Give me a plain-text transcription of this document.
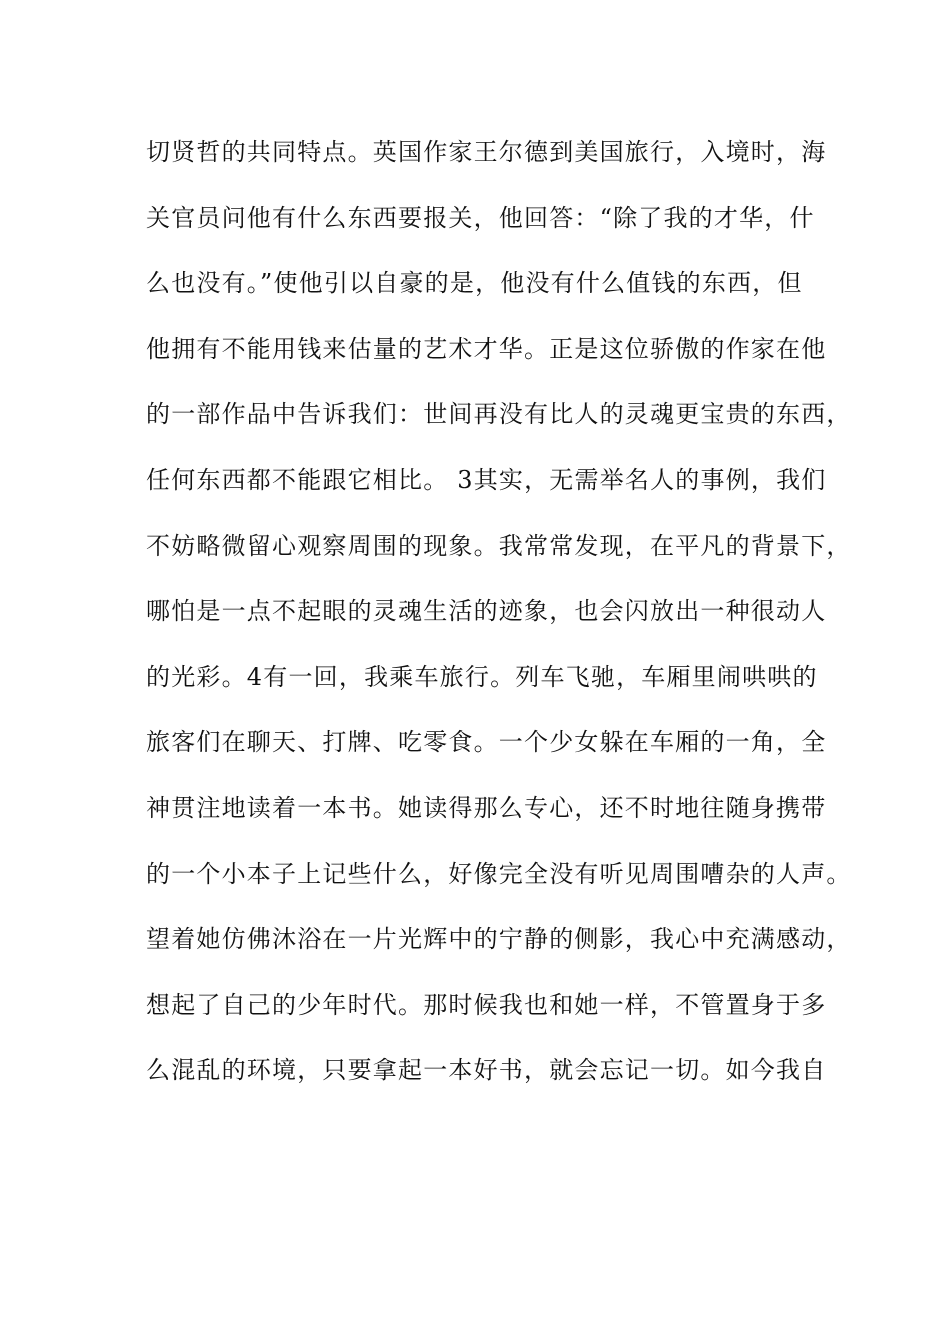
切贤哲的共同特点。英国作家王尔德到美国旅行，入境时，海
关官员问他有什么东西要报关，他回答：“除了我的才华，什
么也没有。”使他引以自豪的是，他没有什么值钱的东西，但
他拥有不能用钱来估量的艺术才华。正是这位骄傲的作家在他
的一部作品中告诉我们：世间再没有比人的灵魂更宝贵的东西，
任何东西都不能跟它相比。 3其实，无需举名人的事例，我们
不妨略微留心观察周围的现象。我常常发现，在平凡的背景下，
哪怕是一点不起眼的灵魂生活的迹象，也会闪放出一种很动人
的光彩。4有一回，我乘车旅行。列车飞驰，车厢里闹哄哄的
旅客们在聊天、打牌、吃零食。一个少女躲在车厢的一角，全
神贯注地读着一本书。她读得那么专心，还不时地往随身携带
的一个小本子上记些什么，好像完全没有听见周围嘈杂的人声。
望着她仿佛沐浴在一片光辉中的宁静的侧影，我心中充满感动，
想起了自己的少年时代。那时候我也和她一样，不管置身于多
么混乱的环境，只要拿起一本好书，就会忘记一切。如今我自
